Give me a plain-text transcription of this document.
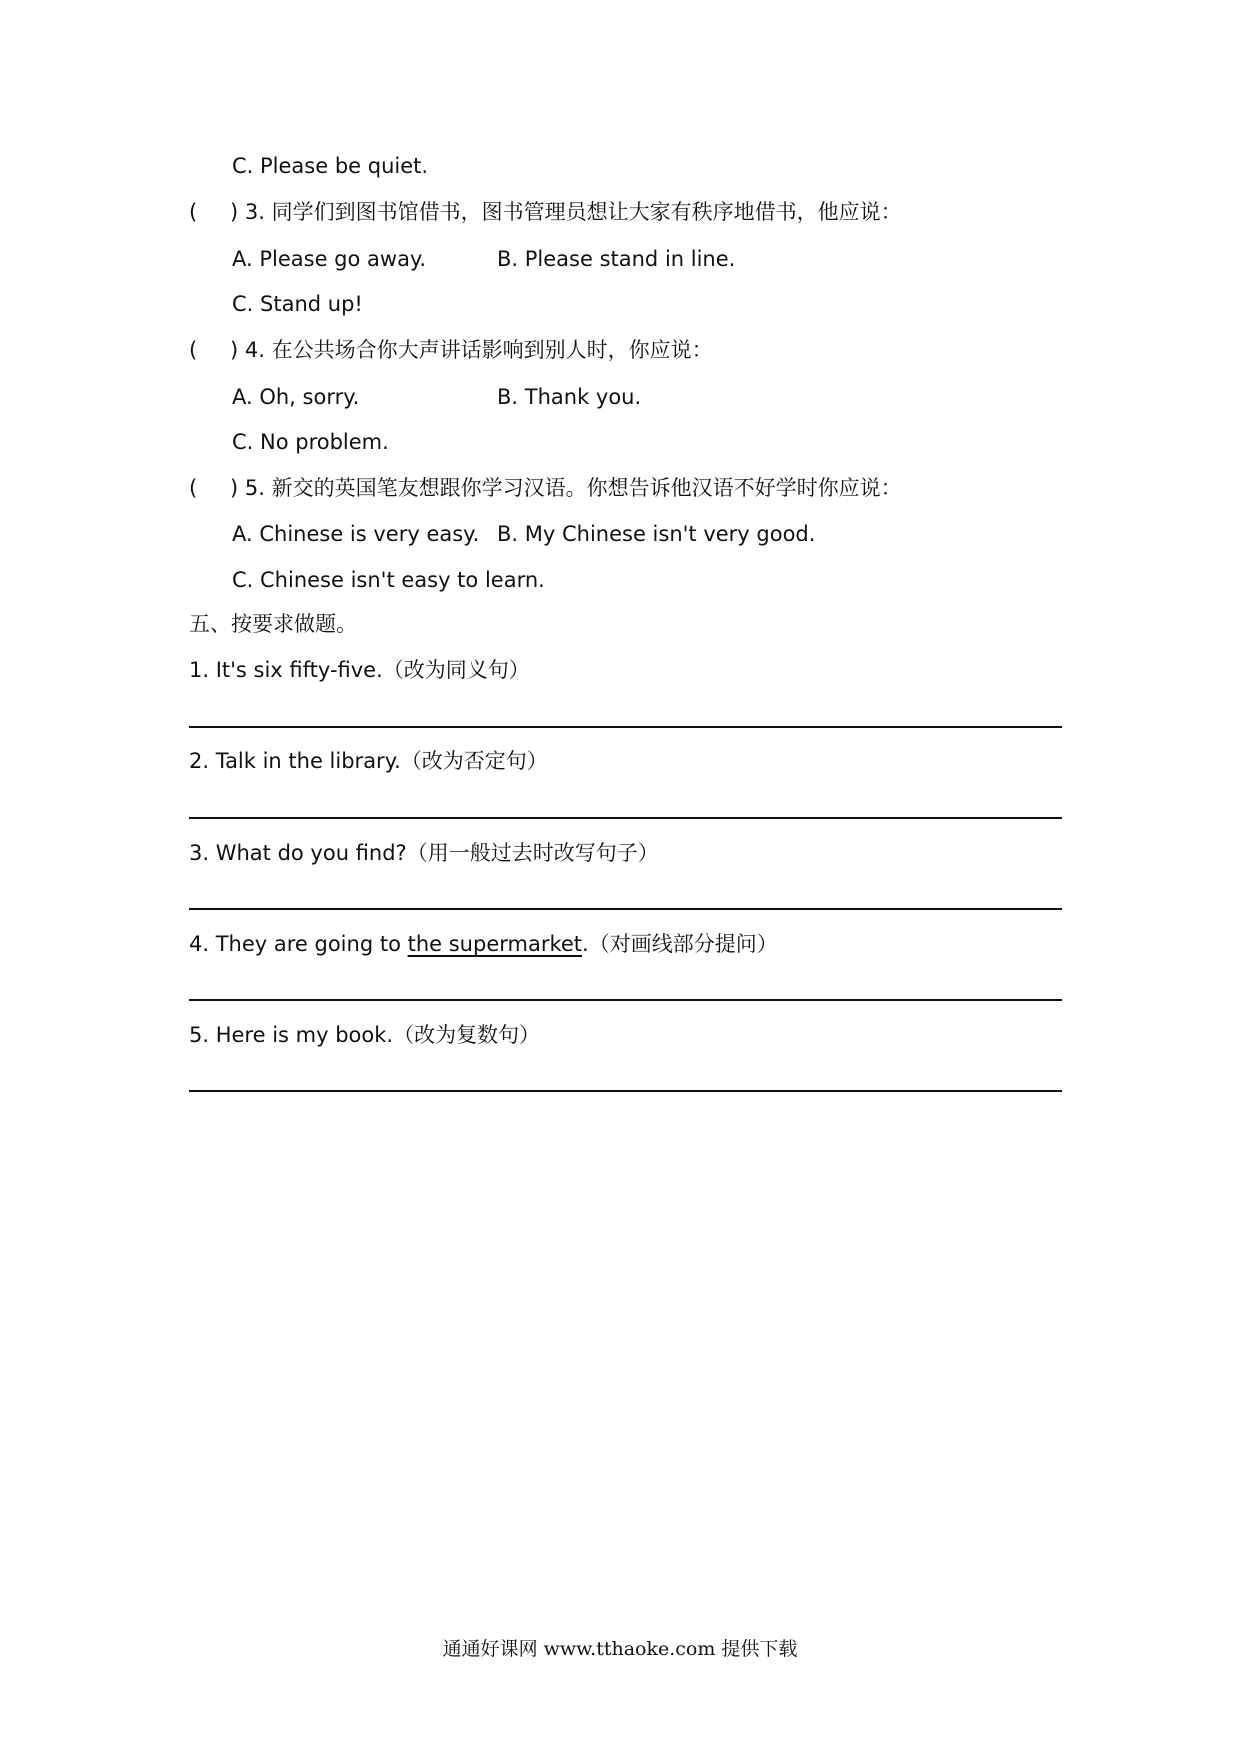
C. Please be quiet.
( ) 3. 同学们到图书馆借书，图书管理员想让大家有秩序地借书，他应说：
A. Please go away.	B. Please stand in line.
C. Stand up!
( ) 4. 在公共场合你大声讲话影响到别人时，你应说：
A. Oh, sorry.	B. Thank you.
C. No problem.
( ) 5. 新交的英国笔友想跟你学习汉语。你想告诉他汉语不好学时你应说：
A. Chinese is very easy. B. My Chinese isn't very good.
C. Chinese isn't easy to learn.
五、按要求做题。
1. It's six fifty-five.（改为同义句）
2. Talk in the library.（改为否定句）
3. What do you find?（用一般过去时改写句子）
4. They are going to the supermarket.（对画线部分提问）
5. Here is my book.（改为复数句）
通通好课网 www.tthaoke.com 提供下载
